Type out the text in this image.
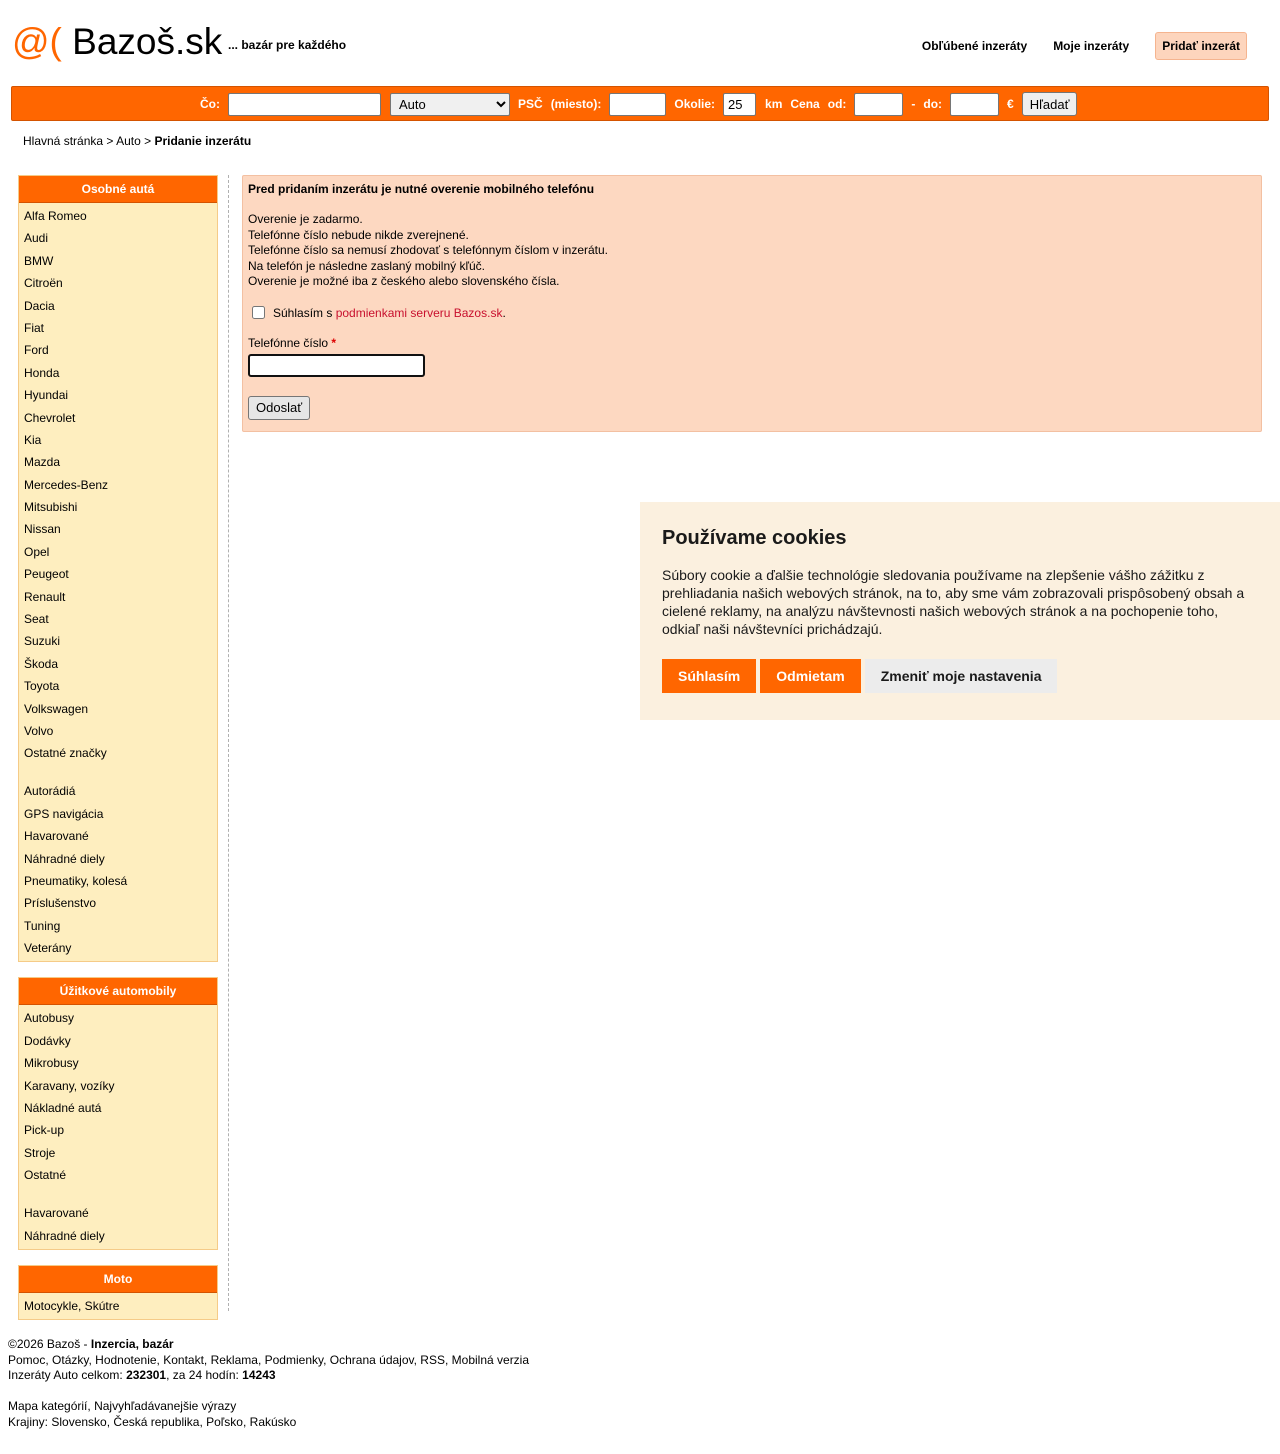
@( Bazoš.sk ... bazár pre každého	Obľúbené inzeráty Moje inzeráty	Pridať inzerát
Čo:
Auto	PSČ (miesto):	Okolie:
25	km Cena od:	- do:	€	Hľadať
Hlavná stránka > Auto > Pridanie inzerátu
Osobné autá
Alfa Romeo
Audi
BMW
Citroën
Dacia
Fiat
Ford
Honda
Hyundai
Chevrolet
Kia
Mazda
Mercedes-Benz
Mitsubishi
Nissan
Opel
Peugeot
Renault
Seat
Suzuki
Škoda
Toyota
Volkswagen
Volvo
Ostatné značky
Autorádiá
GPS navigácia
Havarované
Náhradné diely
Pneumatiky, kolesá
Príslušenstvo
Tuning
Veterány
Úžitkové automobily
Autobusy
Dodávky
Mikrobusy
Karavany, vozíky
Nákladné autá
Pick-up
Stroje
Ostatné
Havarované
Náhradné diely
Moto
Motocykle, Skútre
Pred pridaním inzerátu je nutné overenie mobilného telefónu
Overenie je zadarmo.
Telefónne číslo nebude nikde zverejnené.
Telefónne číslo sa nemusí zhodovať s telefónnym číslom v inzerátu.
Na telefón je následne zaslaný mobilný kľúč.
Overenie je možné iba z českého alebo slovenského čísla.
Súhlasím s
podmienkami serveru Bazos.sk .
Telefónne číslo *
Odoslať
Používame cookies

Súbory cookie a ďalšie technológie sledovania používame na zlepšenie vášho zážitku z prehliadania našich webových stránok, na to, aby sme vám zobrazovali prispôsobený obsah a cielené reklamy, na analýzu návštevnosti našich webových stránok a na pochopenie toho, odkiaľ naši návštevníci prichádzajú.

Súhlasím	Odmietam	Zmeniť moje nastavenia
©2026 Bazoš - Inzercia, bazár
Pomoc, Otázky, Hodnotenie, Kontakt, Reklama, Podmienky, Ochrana údajov, RSS, Mobilná verzia
Inzeráty Auto celkom: 232301, za 24 hodín: 14243
Mapa kategórií, Najvyhľadávanejšie výrazy
Krajiny: Slovensko, Česká republika, Poľsko, Rakúsko
